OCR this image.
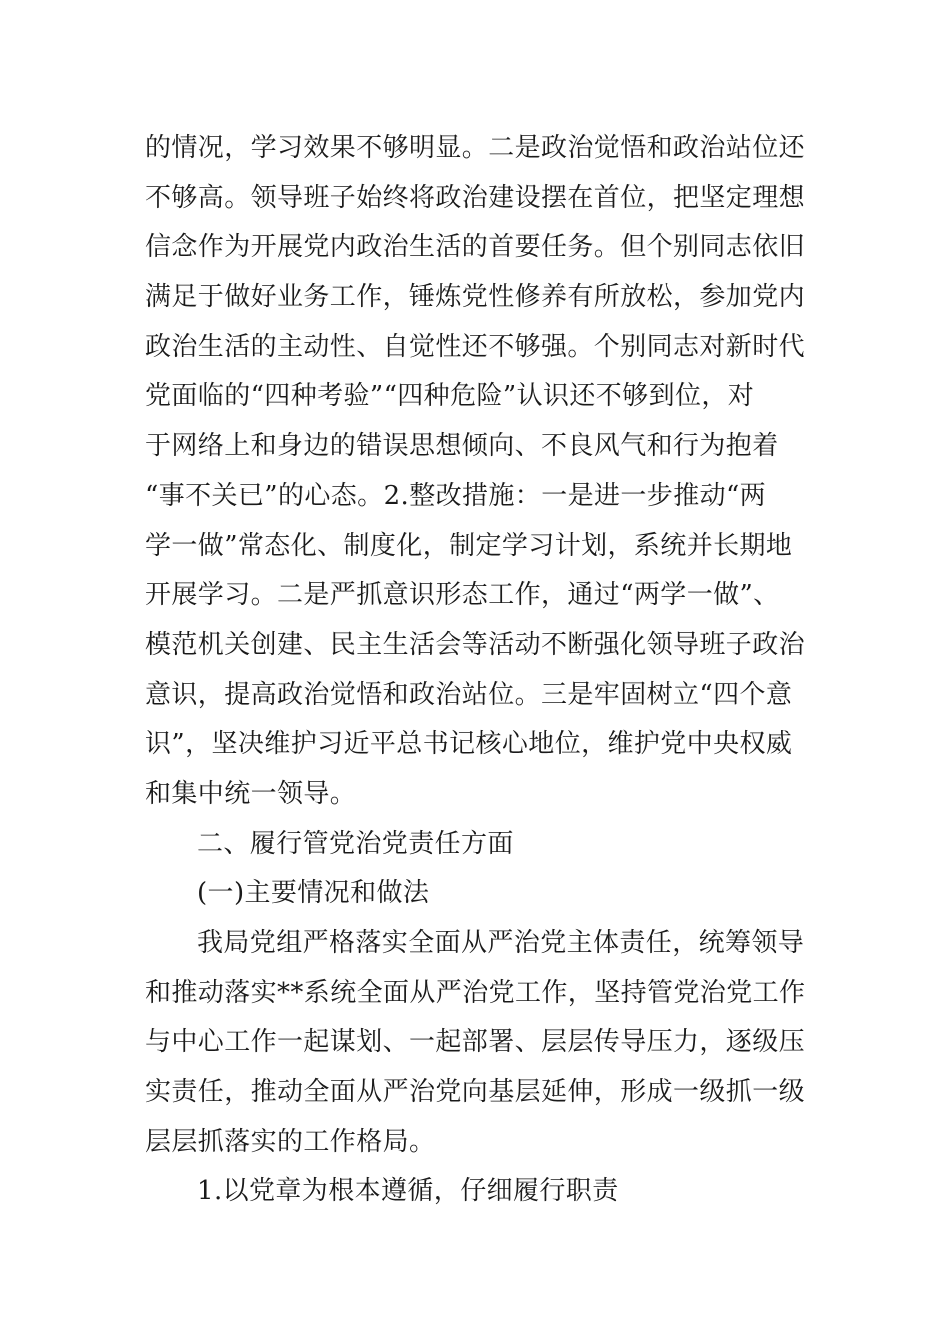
的情况，学习效果不够明显。二是政治觉悟和政治站位还
不够高。领导班子始终将政治建设摆在首位，把坚定理想
信念作为开展党内政治生活的首要任务。但个别同志依旧
满足于做好业务工作，锤炼党性修养有所放松，参加党内
政治生活的主动性、自觉性还不够强。个别同志对新时代
党面临的“四种考验”“四种危险”认识还不够到位，对
于网络上和身边的错误思想倾向、不良风气和行为抱着
“事不关已”的心态。2.整改措施：一是进一步推动“两
学一做”常态化、制度化，制定学习计划，系统并长期地
开展学习。二是严抓意识形态工作，通过“两学一做”、
模范机关创建、民主生活会等活动不断强化领导班子政治
意识，提高政治觉悟和政治站位。三是牢固树立“四个意
识”，坚决维护习近平总书记核心地位，维护党中央权威
和集中统一领导。
二、履行管党治党责任方面
(一)主要情况和做法
我局党组严格落实全面从严治党主体责任，统筹领导
和推动落实**系统全面从严治党工作，坚持管党治党工作
与中心工作一起谋划、一起部署、层层传导压力，逐级压
实责任，推动全面从严治党向基层延伸，形成一级抓一级
层层抓落实的工作格局。
1.以党章为根本遵循，仔细履行职责
